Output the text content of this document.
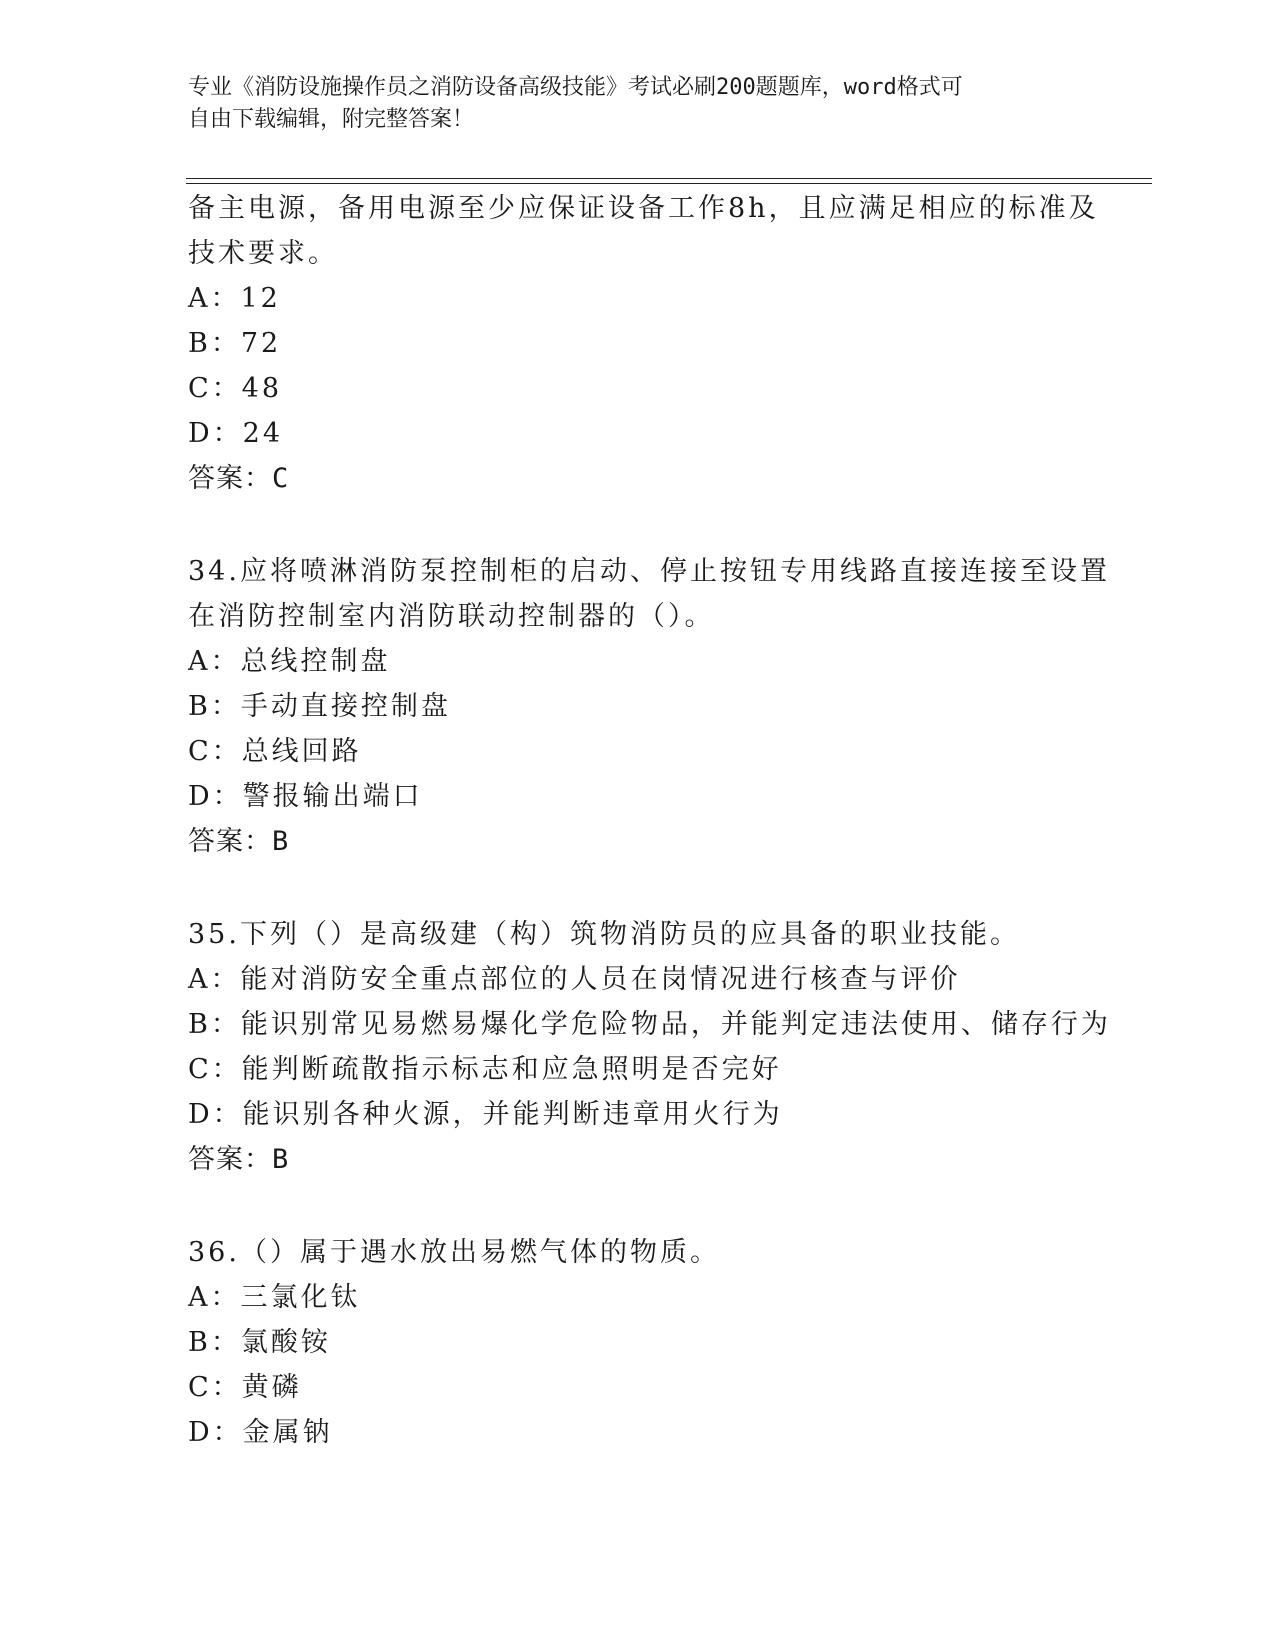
专业《消防设施操作员之消防设备高级技能》考试必刷200题题库，word格式可
自由下载编辑，附完整答案！
备主电源，备用电源至少应保证设备工作8h，且应满足相应的标准及
技术要求。
A：12
B：72
C：48
D：24
答案：C
34.应将喷淋消防泵控制柜的启动、停止按钮专用线路直接连接至设置
在消防控制室内消防联动控制器的（）。
A：总线控制盘
B：手动直接控制盘
C：总线回路
D：警报输出端口
答案：B
35.下列（）是高级建（构）筑物消防员的应具备的职业技能。
A：能对消防安全重点部位的人员在岗情况进行核查与评价
B：能识别常见易燃易爆化学危险物品，并能判定违法使用、储存行为
C：能判断疏散指示标志和应急照明是否完好
D：能识别各种火源，并能判断违章用火行为
答案：B
36.（）属于遇水放出易燃气体的物质。
A：三氯化钛
B：氯酸铵
C：黄磷
D：金属钠
